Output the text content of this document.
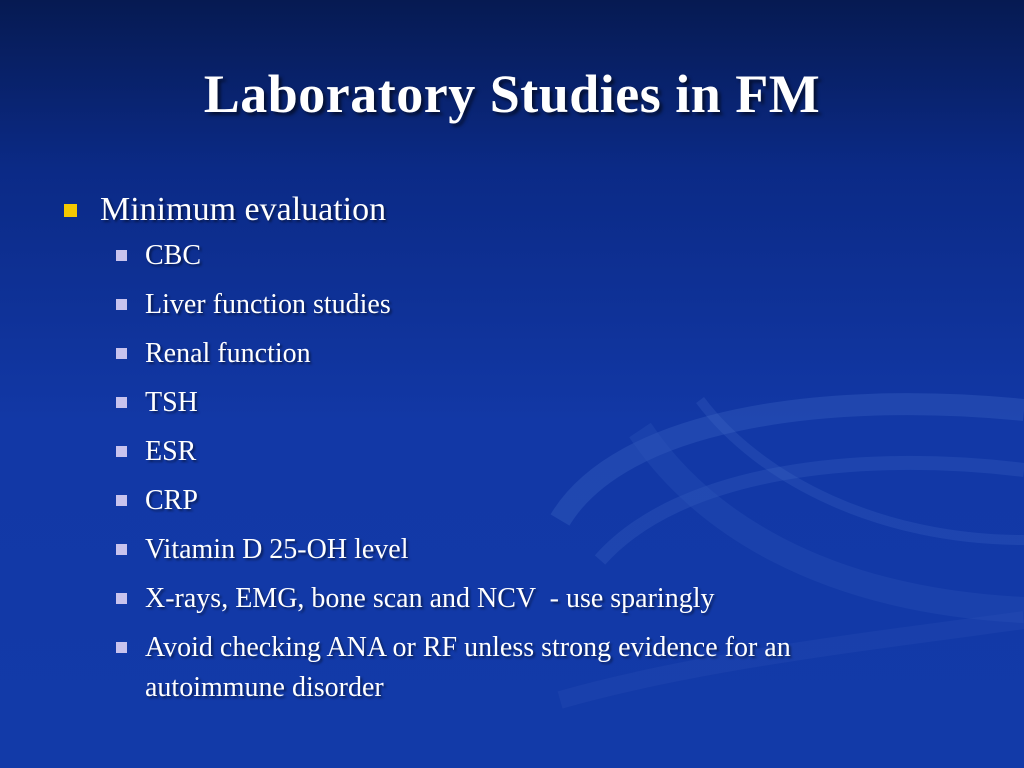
Laboratory Studies in FM
Minimum evaluation
CBC
Liver function studies
Renal function
TSH
ESR
CRP
Vitamin D 25-OH level
X-rays, EMG, bone scan and NCV  - use sparingly
Avoid checking ANA or RF unless strong evidence for an autoimmune disorder
